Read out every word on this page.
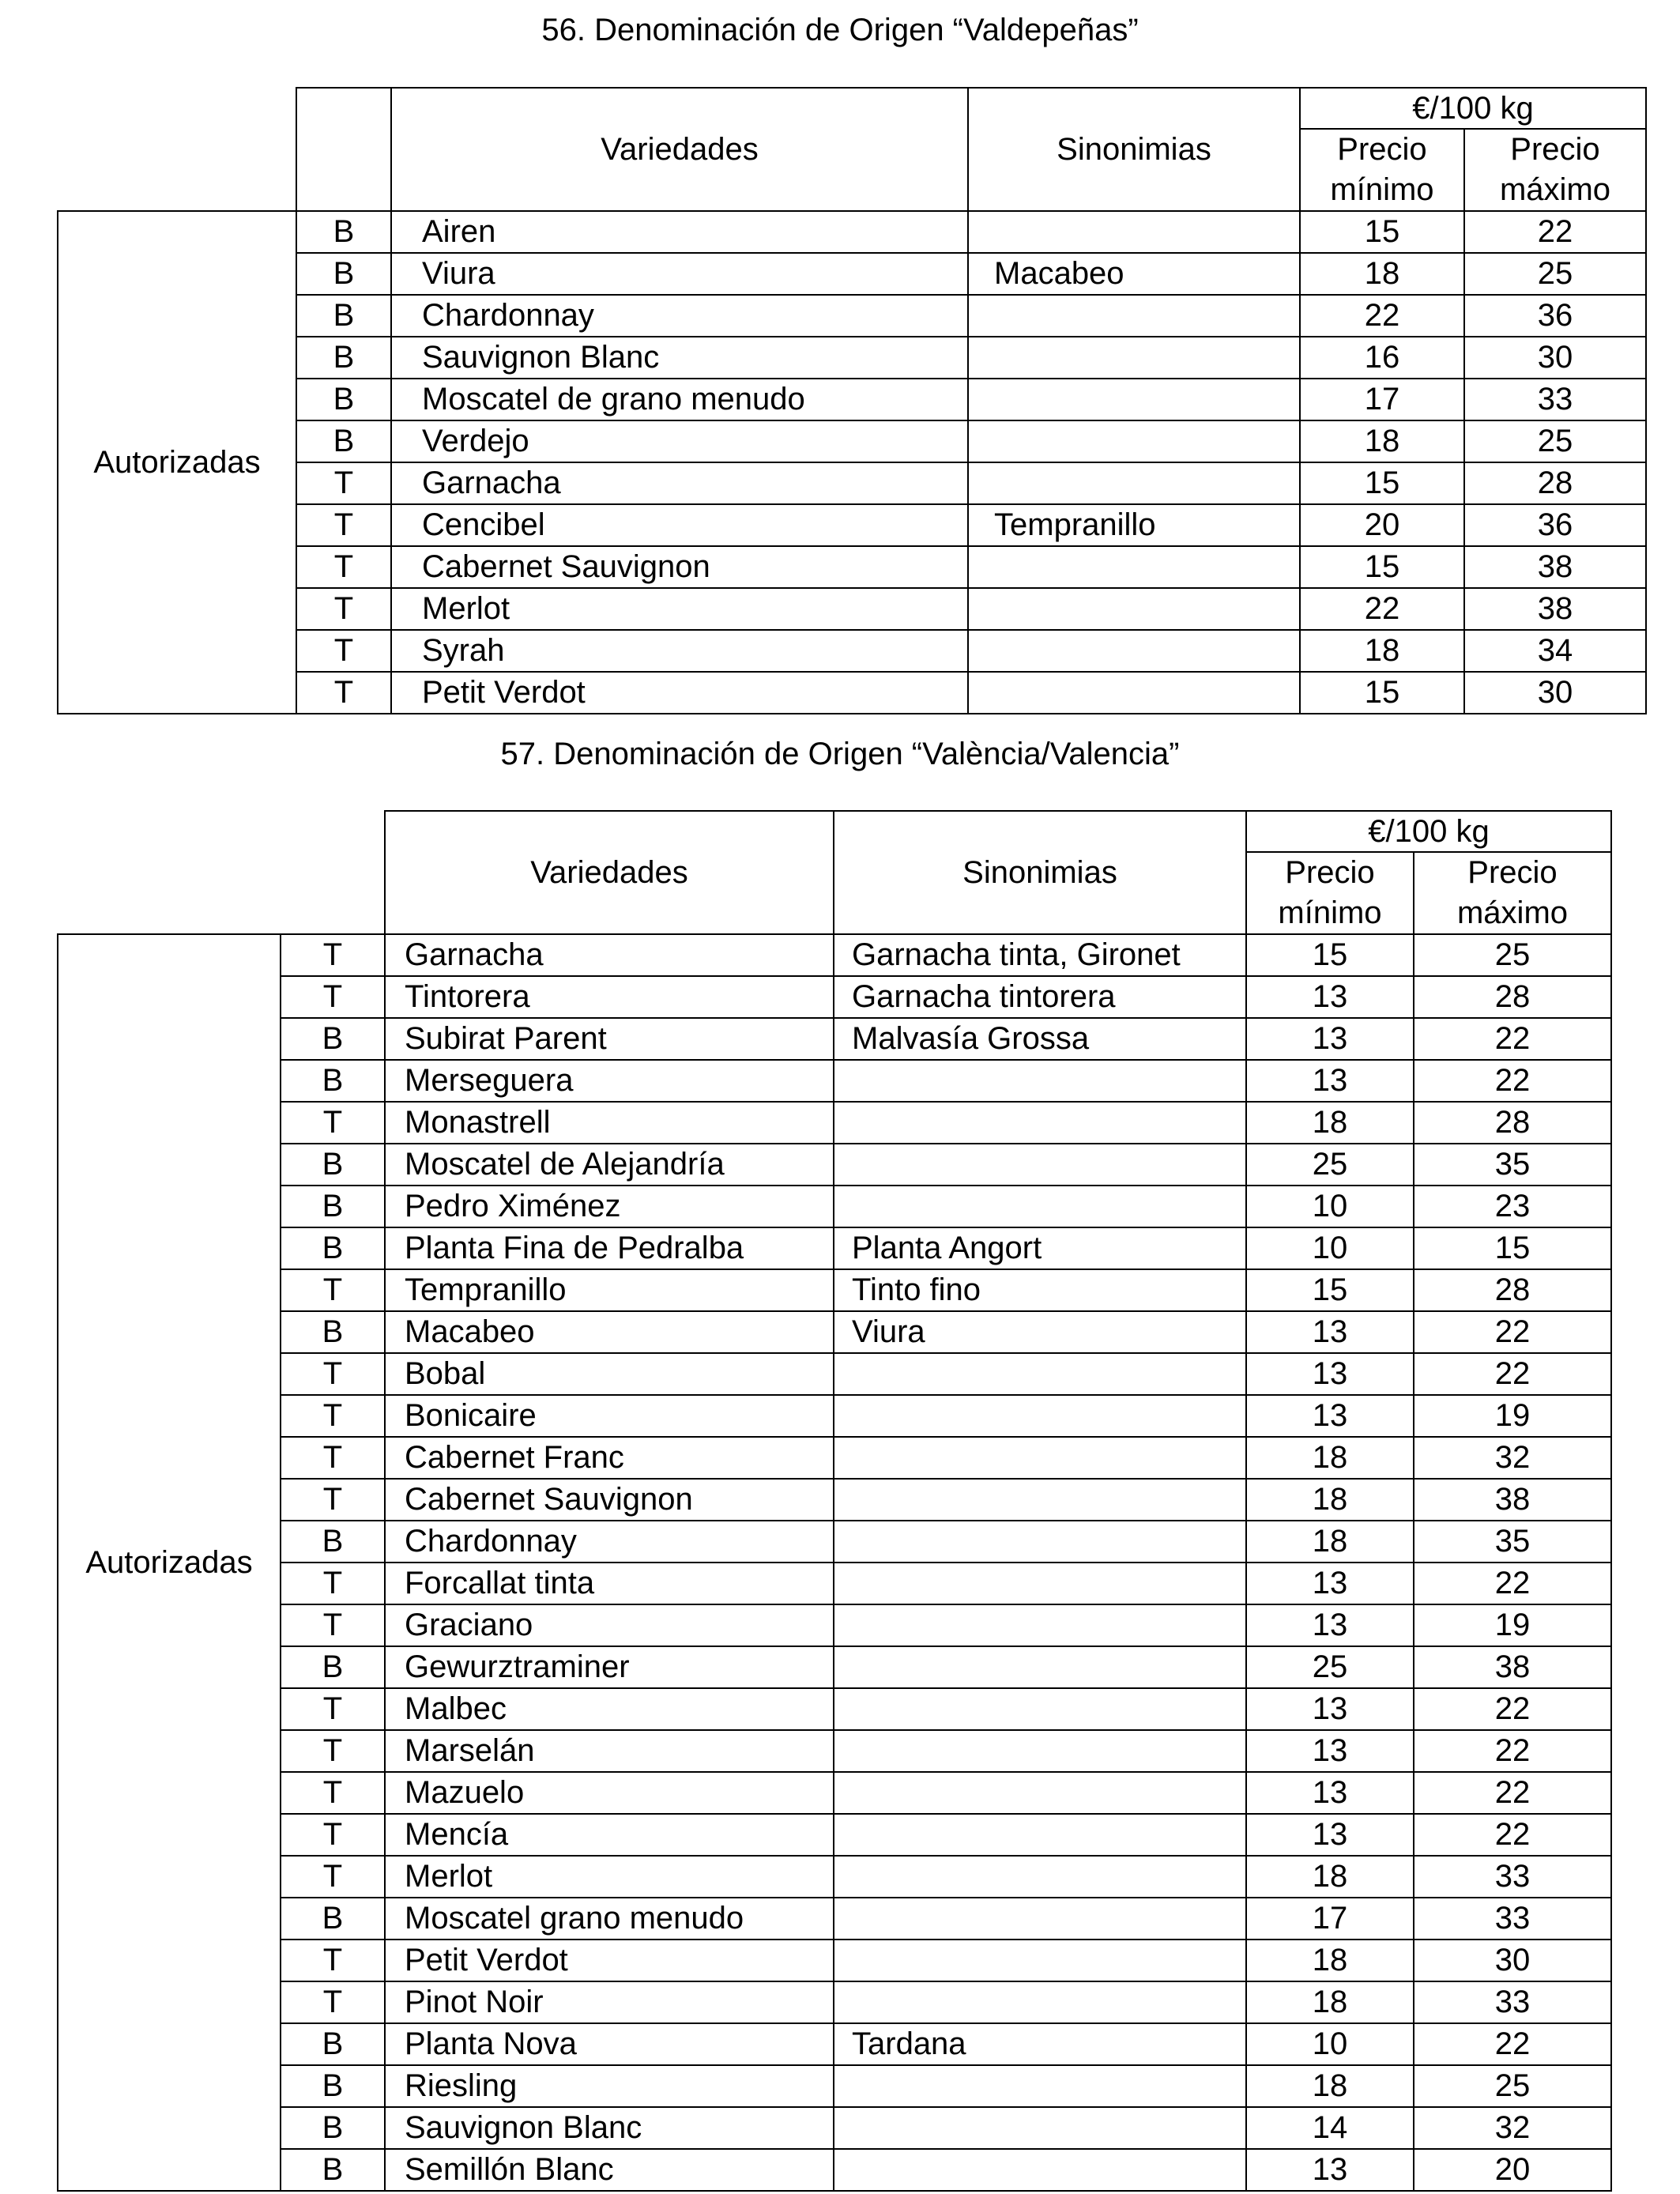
56. Denominación de Origen “Valdepeñas”
		Variedades	Sinonimias	€/100 kg	
				Precio mínimo	Precio máximo
Autorizadas	B	Airen		15	22
	B	Viura	Macabeo	18	25
	B	Chardonnay		22	36
	B	Sauvignon Blanc		16	30
	B	Moscatel de grano menudo		17	33
	B	Verdejo		18	25
	T	Garnacha		15	28
	T	Cencibel	Tempranillo	20	36
	T	Cabernet Sauvignon		15	38
	T	Merlot		22	38
	T	Syrah		18	34
	T	Petit Verdot		15	30
57. Denominación de Origen “València/Valencia”
		Variedades	Sinonimias	€/100 kg	
				Precio mínimo	Precio máximo
Autorizadas	T	Garnacha	Garnacha tinta, Gironet	15	25
	T	Tintorera	Garnacha tintorera	13	28
	B	Subirat Parent	Malvasía Grossa	13	22
	B	Merseguera		13	22
	T	Monastrell		18	28
	B	Moscatel de Alejandría		25	35
	B	Pedro Ximénez		10	23
	B	Planta Fina de Pedralba	Planta Angort	10	15
	T	Tempranillo	Tinto fino	15	28
	B	Macabeo	Viura	13	22
	T	Bobal		13	22
	T	Bonicaire		13	19
	T	Cabernet Franc		18	32
	T	Cabernet Sauvignon		18	38
	B	Chardonnay		18	35
	T	Forcallat tinta		13	22
	T	Graciano		13	19
	B	Gewurztraminer		25	38
	T	Malbec		13	22
	T	Marselán		13	22
	T	Mazuelo		13	22
	T	Mencía		13	22
	T	Merlot		18	33
	B	Moscatel grano menudo		17	33
	T	Petit Verdot		18	30
	T	Pinot Noir		18	33
	B	Planta Nova	Tardana	10	22
	B	Riesling		18	25
	B	Sauvignon Blanc		14	32
	B	Semillón Blanc		13	20
